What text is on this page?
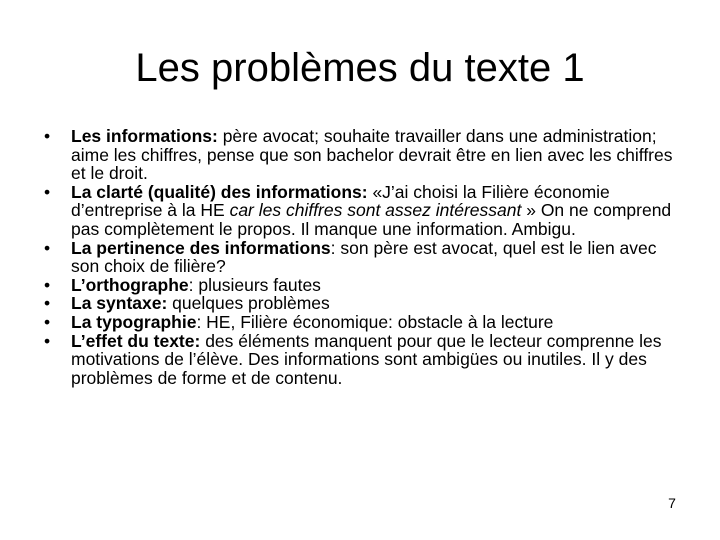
Les problèmes du texte 1
•	Les informations: père avocat; souhaite travailler dans une administration; aime les chiffres, pense que son bachelor devrait être en lien avec les chiffres et le droit.
•	La clarté (qualité) des informations: «J’ai choisi la Filière économie d’entreprise à la HE car les chiffres sont assez intéressant » On ne comprend pas complètement le propos. Il manque une information. Ambigu.
•	La pertinence des informations: son père est avocat, quel est le lien avec son choix de filière?
•	L’orthographe: plusieurs fautes
•	La syntaxe: quelques problèmes
•	La typographie: HE, Filière économique: obstacle à la lecture
•	L’effet du texte: des éléments manquent pour que le lecteur comprenne les motivations de l’élève. Des informations sont ambigües ou inutiles. Il y des problèmes de forme et de contenu.
7
